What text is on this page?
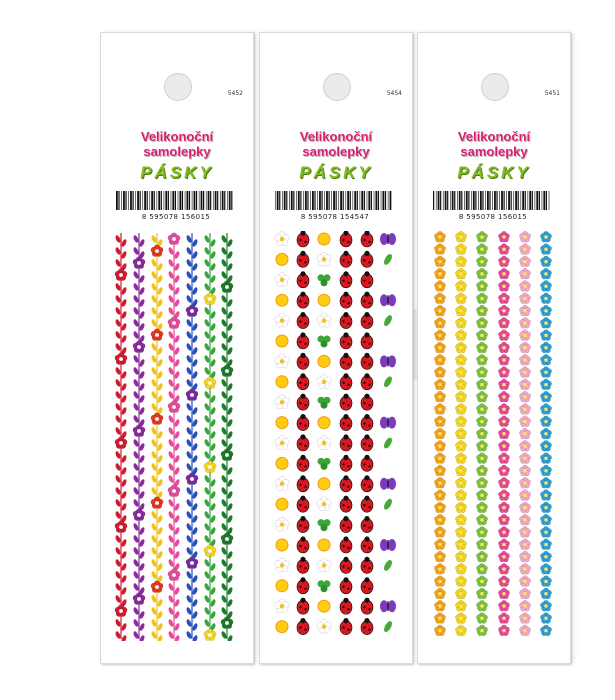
5452
Velikonoční
samolepky
PÁSKY
8 595078 156015
5454
Velikonoční
samolepky
PÁSKY
8 595078 154547
5451
Velikonoční
samolepky
PÁSKY
8 595078 156015
